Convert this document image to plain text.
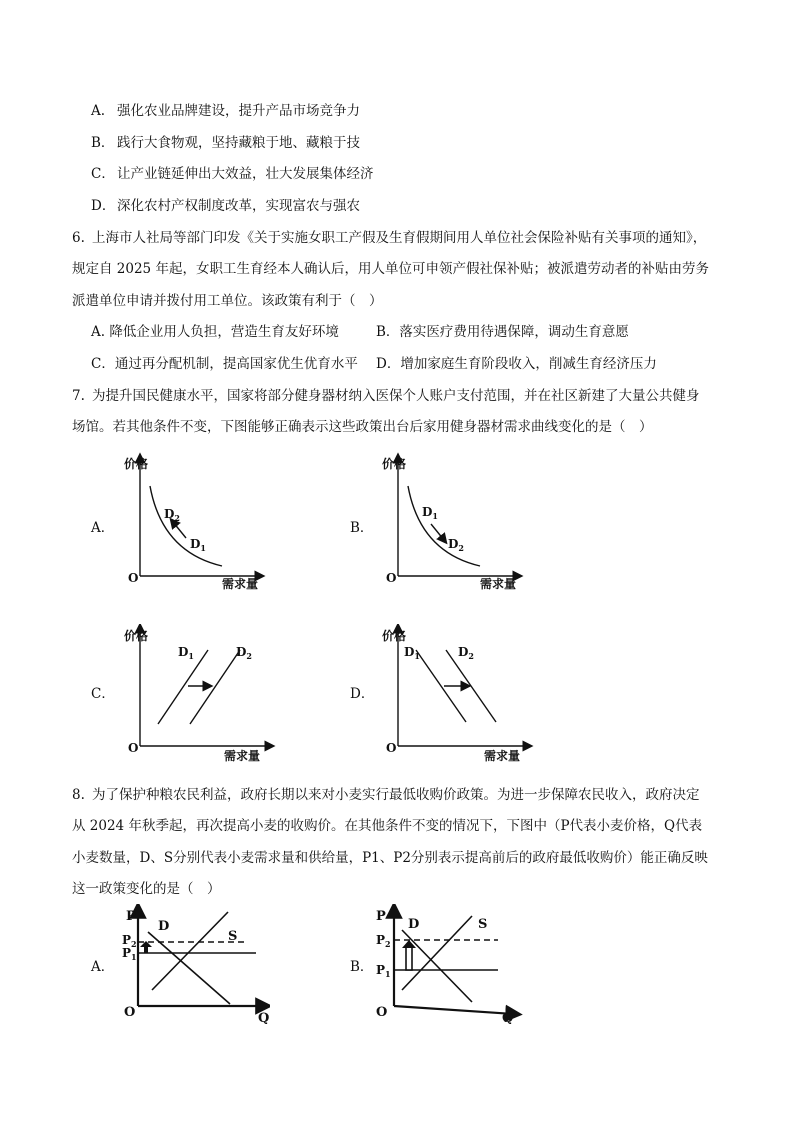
A. 强化农业品牌建设，提升产品市场竞争力
B． 践行大食物观，坚持藏粮于地、藏粮于技
C． 让产业链延伸出大效益，壮大发展集体经济
D． 深化农村产权制度改革，实现富农与强农
6. 上海市人社局等部门印发《关于实施女职工产假及生育假期间用人单位社会保险补贴有关事项的通知》，
规定自 2025 年起，女职工生育经本人确认后，用人单位可申领产假社保补贴；被派遣劳动者的补贴由劳务
派遣单位申请并拨付用工单位。该政策有利于（　）
A. 降低企业用人负担，营造生育友好环境	B．落实医疗费用待遇保障，调动生育意愿
C．通过再分配机制，提高国家优生优育水平 D．增加家庭生育阶段收入，削减生育经济压力
7. 为提升国民健康水平，国家将部分健身器材纳入医保个人账户支付范围，并在社区新建了大量公共健身
场馆。若其他条件不变，下图能够正确表示这些政策出台后家用健身器材需求曲线变化的是（　）
A．
价格
O	需求量
$D_2$
$D_1$
B．
价格
O	需求量
$D_1$
$D_2$
C．
价格
O
需求量
$D_1$	$D_2$
D．
价格
O
需求量
$D_1$	$D_2$
8. 为了保护种粮农民利益，政府长期以来对小麦实行最低收购价政策。为进一步保障农民收入，政府决定
从 2024 年秋季起，再次提高小麦的收购价。在其他条件不变的情况下，下图中（P代表小麦价格，Q代表
小麦数量，D、S分别代表小麦需求量和供给量，P1、P2分别表示提高前后的政府最低收购价）能正确反映
这一政策变化的是（　）
A．
P
O	Q
D
S
$P_2$
$P_1$
B．
P
O	Q
D	S
$P_2$
$P_1$
